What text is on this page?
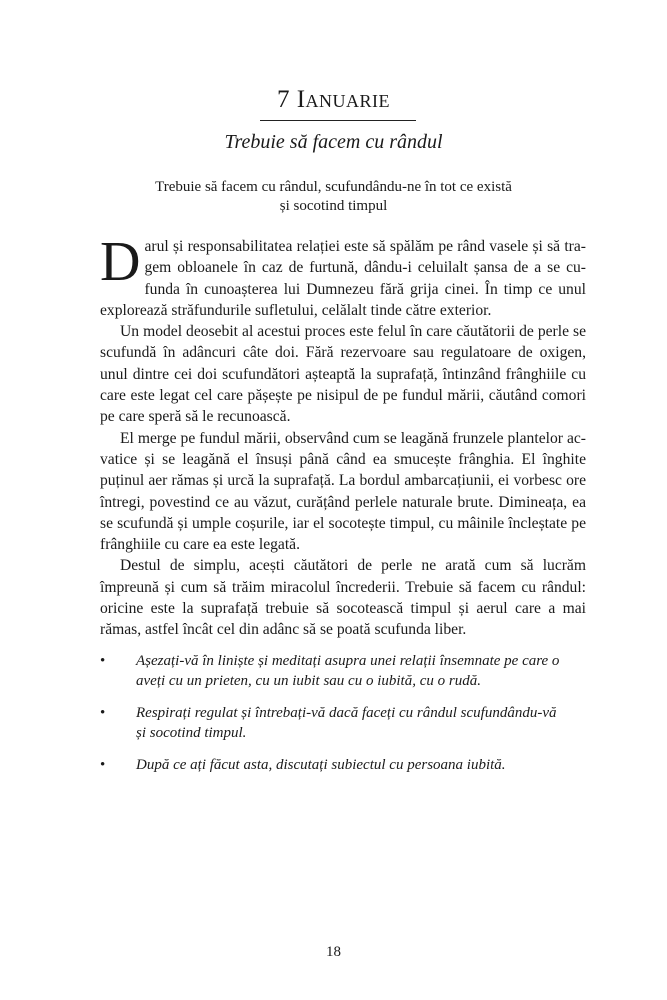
7 Ianuarie
Trebuie să facem cu rândul
Trebuie să facem cu rândul, scufundându-ne în tot ce există
și socotind timpul

Darul și responsabilitatea relației este să spălăm pe rând vasele și să tragem obloanele în caz de furtună, dându-i celuilalt șansa de a se cufunda în cunoașterea lui Dumnezeu fără grija cinei. În timp ce unul explorează străfundurile sufletului, celălalt tinde către exterior.

Un model deosebit al acestui proces este felul în care căutătorii de perle se scufundă în adâncuri câte doi. Fără rezervoare sau regulatoare de oxigen, unul dintre cei doi scufundători așteaptă la suprafață, întinzând frânghiile cu care este legat cel care pășește pe nisipul de pe fundul mării, căutând comori pe care speră să le recunoască.

El merge pe fundul mării, observând cum se leagănă frunzele plantelor acvatice și se leagănă el însuși până când ea smucește frânghia. El înghite puținul aer rămas și urcă la suprafață. La bordul ambarcațiunii, ei vorbesc ore întregi, povestind ce au văzut, curățând perlele naturale brute. Dimineața, ea se scufundă și umple coșurile, iar el socotește timpul, cu mâinile încleștate pe frânghiile cu care ea este legată.

Destul de simplu, acești căutători de perle ne arată cum să lucrăm împreună și cum să trăim miracolul încrederii. Trebuie să facem cu rândul: oricine este la suprafață trebuie să socotească timpul și aerul care a mai rămas, astfel încât cel din adânc să se poată scufunda liber.

• Așezați-vă în liniște și meditați asupra unei relații însemnate pe care o aveți cu un prieten, cu un iubit sau cu o iubită, cu o rudă.
• Respirați regulat și întrebați-vă dacă faceți cu rândul scufundându-vă și socotind timpul.
• După ce ați făcut asta, discutați subiectul cu persoana iubită.
18
